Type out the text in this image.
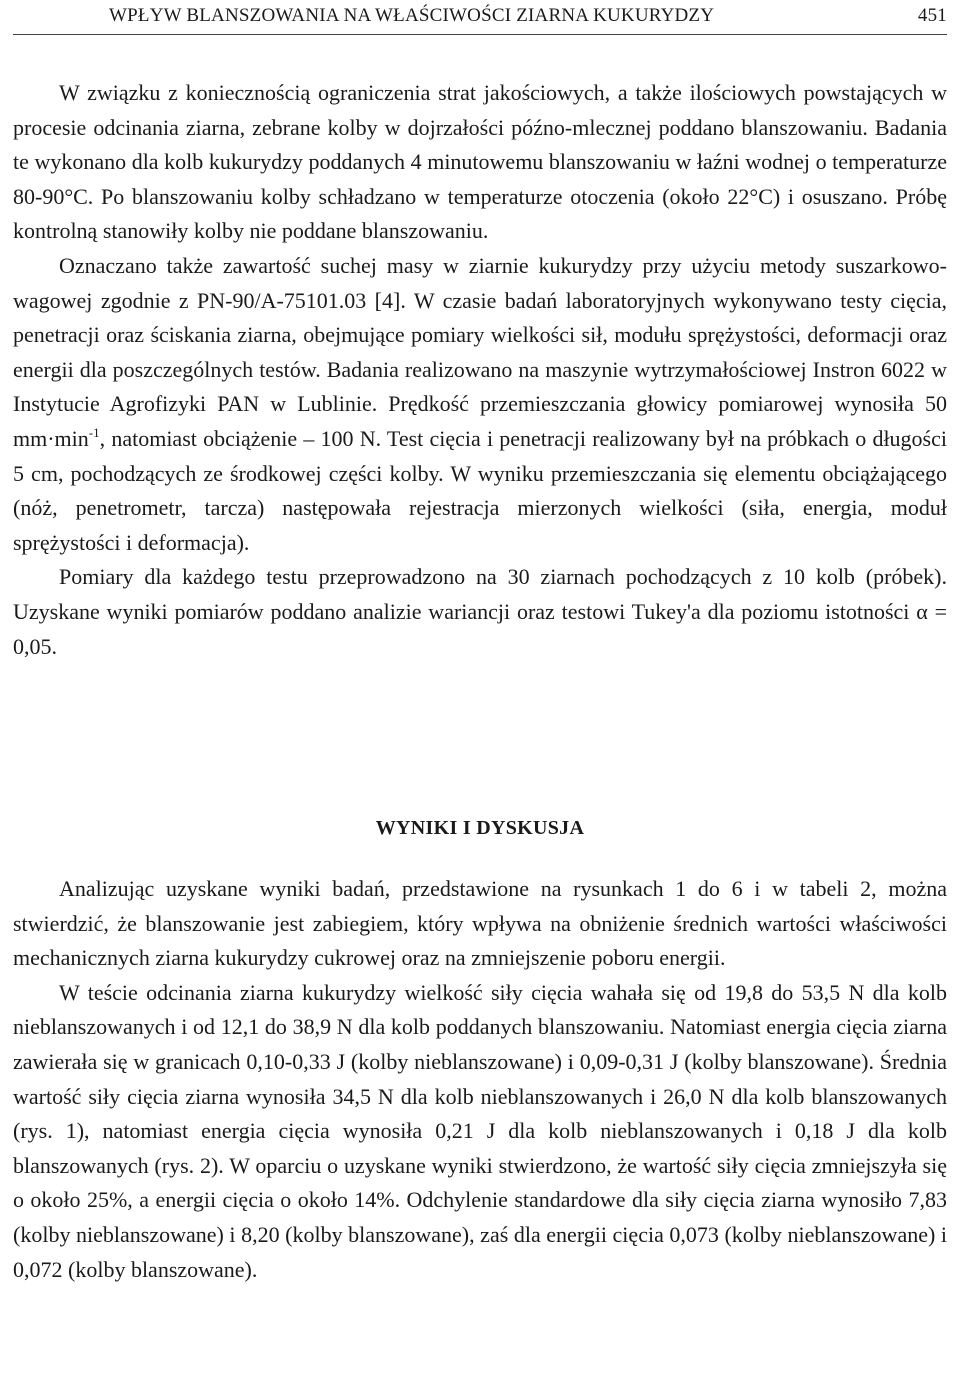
WPŁYW BLANSZOWANIA NA WŁAŚCIWOŚCI ZIARNA KUKURYDZY	451

W związku z koniecznością ograniczenia strat jakościowych, a także ilościowych powstających w procesie odcinania ziarna, zebrane kolby w dojrzałości późno-mlecznej poddano blanszowaniu. Badania te wykonano dla kolb kukurydzy poddanych 4 minutowemu blanszowaniu w łaźni wodnej o temperaturze 80-90°C. Po blanszowaniu kolby schładzano w temperaturze otoczenia (około 22°C) i osuszano. Próbę kontrolną stanowiły kolby nie poddane blanszowaniu.

Oznaczano także zawartość suchej masy w ziarnie kukurydzy przy użyciu metody suszarkowo-wagowej zgodnie z PN-90/A-75101.03 [4]. W czasie badań laboratoryjnych wykonywano testy cięcia, penetracji oraz ściskania ziarna, obejmujące pomiary wielkości sił, modułu sprężystości, deformacji oraz energii dla poszczególnych testów. Badania realizowano na maszynie wytrzymałościowej Instron 6022 w Instytucie Agrofizyki PAN w Lublinie. Prędkość przemieszczania głowicy pomiarowej wynosiła 50 $mm\cdot\min^{-1}$, natomiast obciążenie – 100 N. Test cięcia i penetracji realizowany był na próbkach o długości 5 cm, pochodzących ze środkowej części kolby. W wyniku przemieszczania się elementu obciążającego (nóż, penetrometr, tarcza) następowała rejestracja mierzonych wielkości (siła, energia, moduł sprężystości i deformacja).

Pomiary dla każdego testu przeprowadzono na 30 ziarnach pochodzących z 10 kolb (próbek). Uzyskane wyniki pomiarów poddano analizie wariancji oraz testowi Tukey'a dla poziomu istotności α = 0,05.

WYNIKI I DYSKUSJA

Analizując uzyskane wyniki badań, przedstawione na rysunkach 1 do 6 i w tabeli 2, można stwierdzić, że blanszowanie jest zabiegiem, który wpływa na obniżenie średnich wartości właściwości mechanicznych ziarna kukurydzy cukrowej oraz na zmniejszenie poboru energii.

W teście odcinania ziarna kukurydzy wielkość siły cięcia wahała się od 19,8 do 53,5 N dla kolb nieblanszowanych i od 12,1 do 38,9 N dla kolb poddanych blanszowaniu. Natomiast energia cięcia ziarna zawierała się w granicach 0,10-0,33 J (kolby nieblanszowane) i 0,09-0,31 J (kolby blanszowane). Średnia wartość siły cięcia ziarna wynosiła 34,5 N dla kolb nieblanszowanych i 26,0 N dla kolb blanszowanych (rys. 1), natomiast energia cięcia wynosiła 0,21 J dla kolb nieblanszowanych i 0,18 J dla kolb blanszowanych (rys. 2). W oparciu o uzyskane wyniki stwierdzono, że wartość siły cięcia zmniejszyła się o około 25%, a energii cięcia o około 14%. Odchylenie standardowe dla siły cięcia ziarna wynosiło 7,83 (kolby nieblanszowane) i 8,20 (kolby blanszowane), zaś dla energii cięcia 0,073 (kolby nieblanszowane) i 0,072 (kolby blanszowane).
